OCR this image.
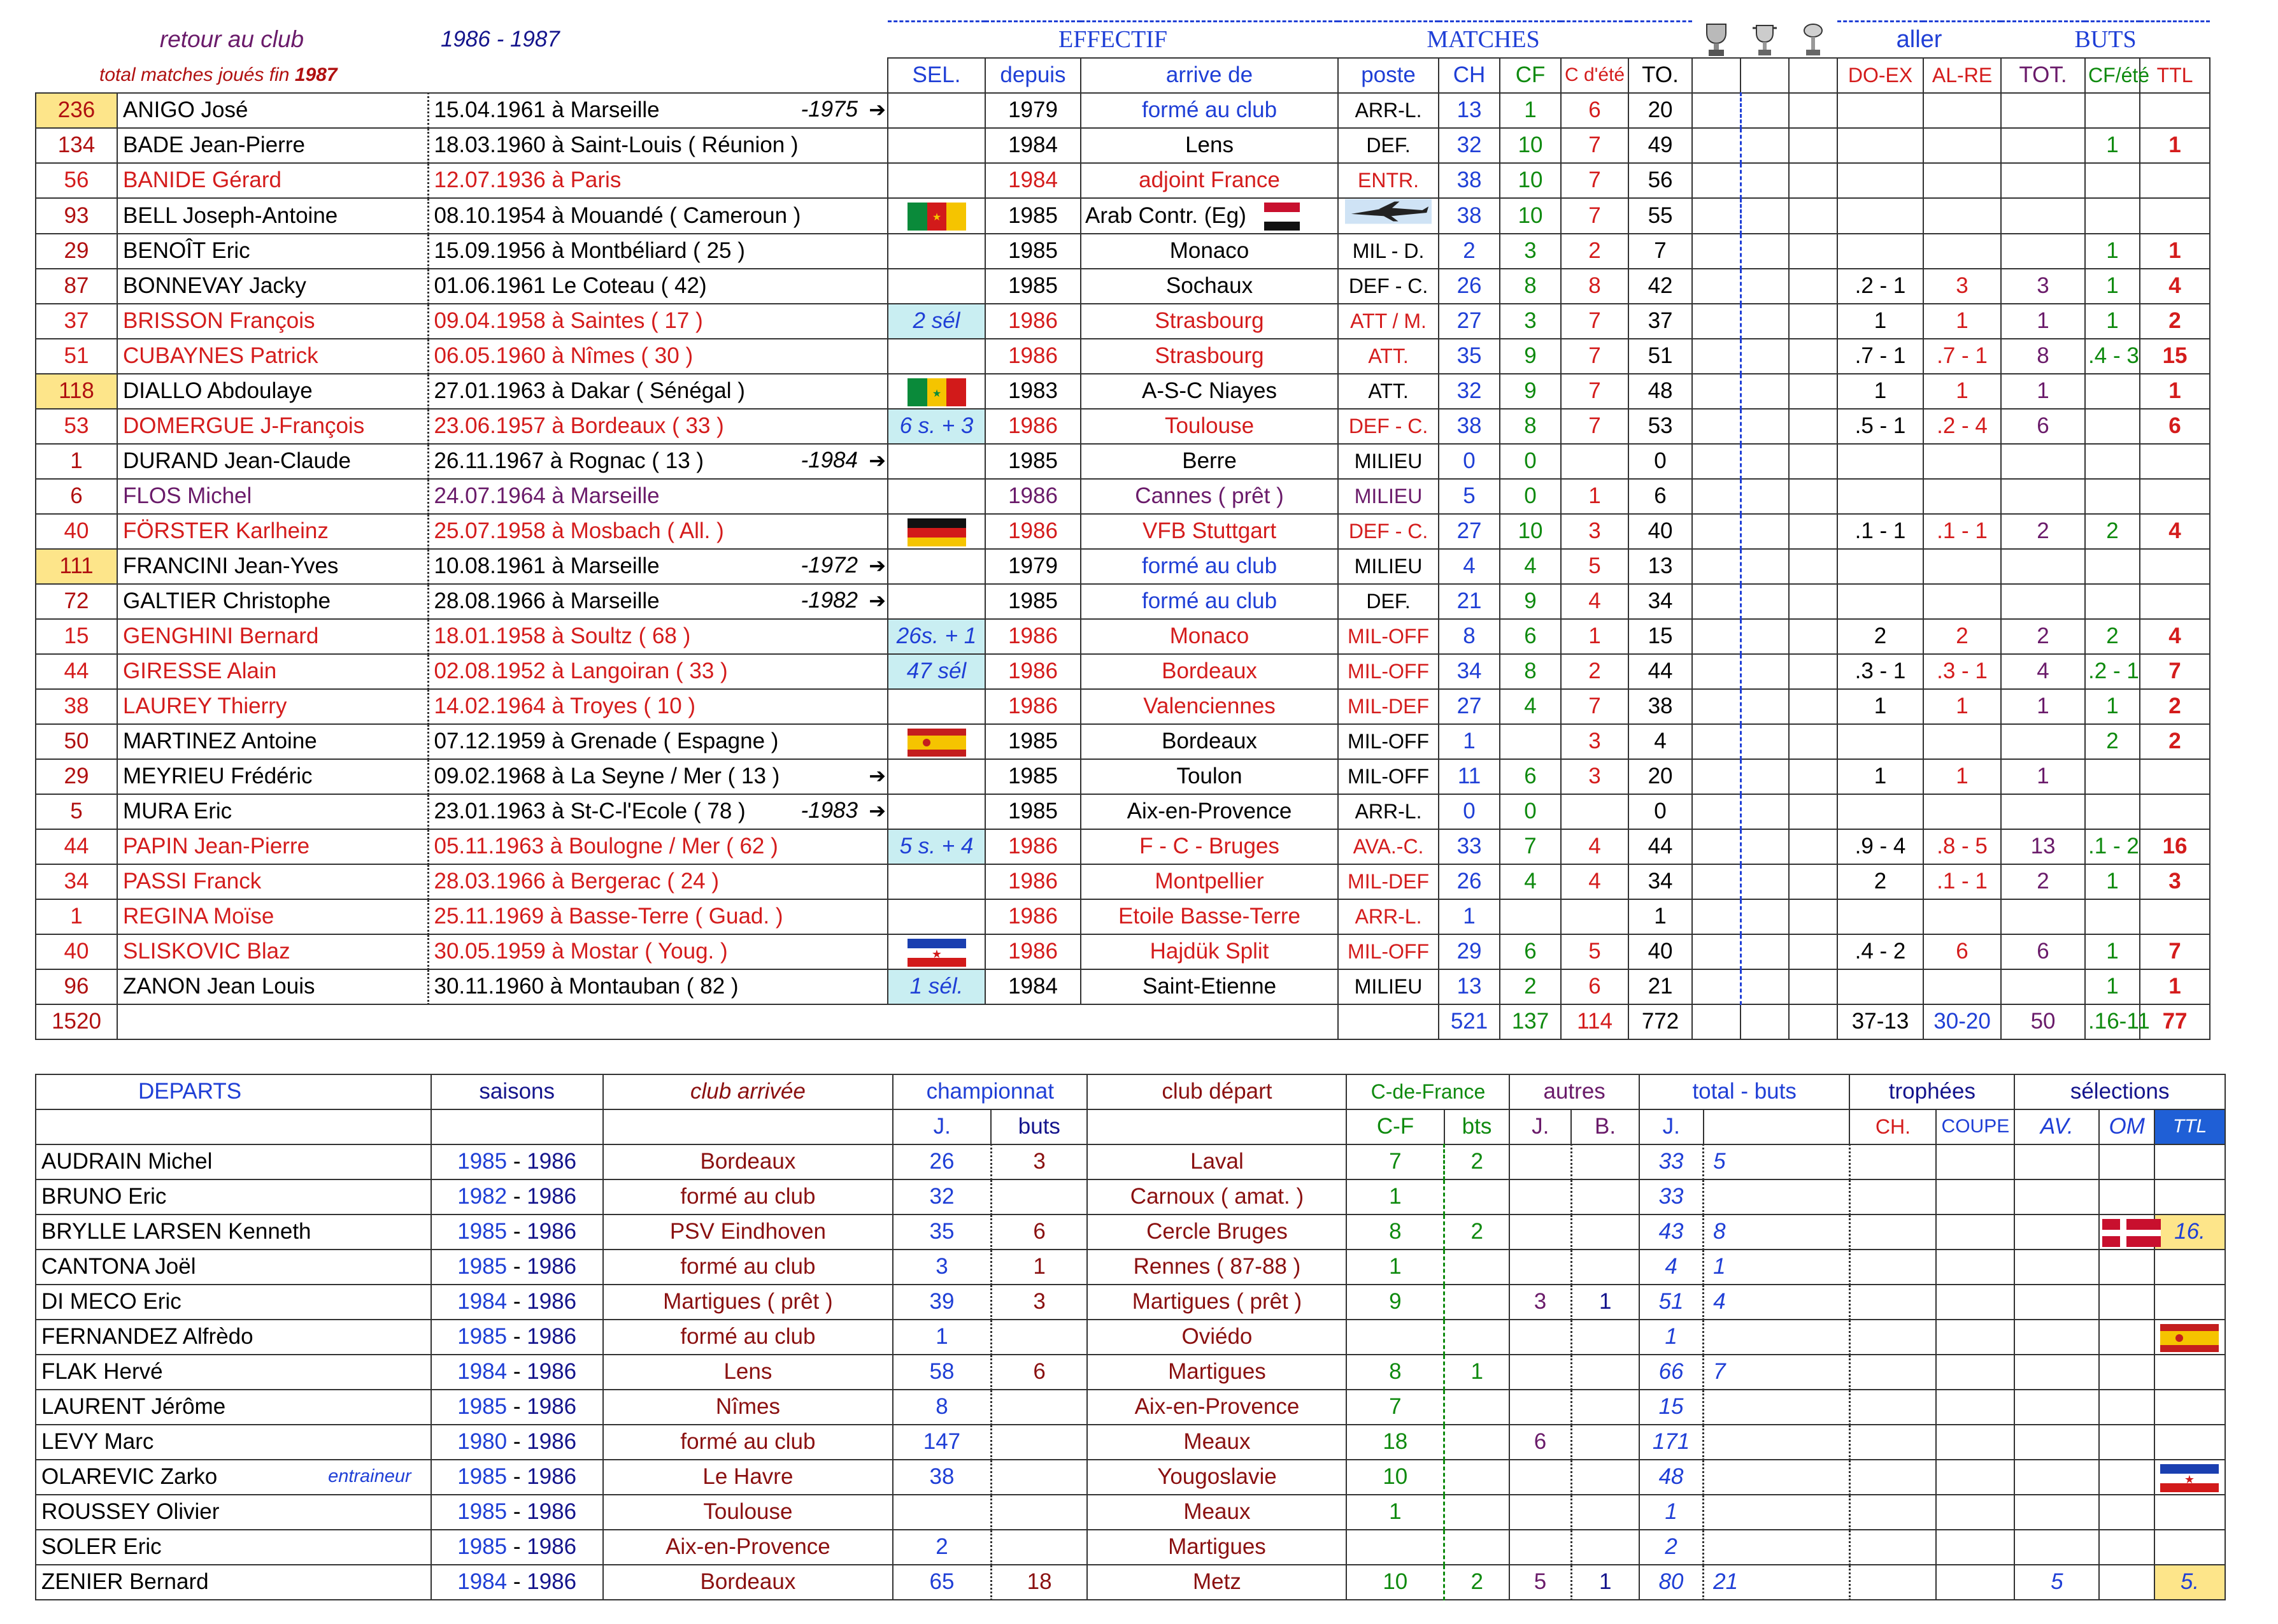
retour au club		1986 - 1987	EFFECTIF			MATCHES								aller		BUTS		
total matches joués fin 1987			SEL.	depuis	arrive de	poste	CH	CF	C d'été	TO.				DO-EX	AL-RE	TOT.	CF/été	TTL
236	ANIGO José	15.04.1961 à Marseille -1975 ➔		1979	formé au club	ARR-L.	13	1	6	20								
134	BADE Jean-Pierre	18.03.1960 à Saint-Louis ( Réunion )		1984	Lens	DEF.	32	10	7	49							1	1
56	BANIDE Gérard	12.07.1936 à Paris		1984	adjoint France	ENTR.	38	10	7	56								
93	BELL Joseph-Antoine	08.10.1954 à Mouandé ( Cameroun )	★	1985	Arab Contr. (Eg)		38	10	7	55								
29	BENOÎT Eric	15.09.1956 à Montbéliard ( 25 )		1985	Monaco	MIL - D.	2	3	2	7							1	1
87	BONNEVAY Jacky	01.06.1961 Le Coteau ( 42)		1985	Sochaux	DEF - C.	26	8	8	42				.2 - 1	3	3	1	4
37	BRISSON François	09.04.1958 à Saintes ( 17 )	2 sél	1986	Strasbourg	ATT / M.	27	3	7	37				1	1	1	1	2
51	CUBAYNES Patrick	06.05.1960 à Nîmes ( 30 )		1986	Strasbourg	ATT.	35	9	7	51				.7 - 1	.7 - 1	8	.4 - 3	15
118	DIALLO Abdoulaye	27.01.1963 à Dakar ( Sénégal )	★	1983	A-S-C Niayes	ATT.	32	9	7	48				1	1	1		1
53	DOMERGUE J-François	23.06.1957 à Bordeaux ( 33 )	6 s. + 3	1986	Toulouse	DEF - C.	38	8	7	53				.5 - 1	.2 - 4	6		6
1	DURAND Jean-Claude	26.11.1967 à Rognac ( 13 ) -1984 ➔		1985	Berre	MILIEU	0	0		0								
6	FLOS Michel	24.07.1964 à Marseille		1986	Cannes ( prêt )	MILIEU	5	0	1	6								
40	FÖRSTER Karlheinz	25.07.1958 à Mosbach ( All. )		1986	VFB Stuttgart	DEF - C.	27	10	3	40				.1 - 1	.1 - 1	2	2	4
111	FRANCINI Jean-Yves	10.08.1961 à Marseille -1972 ➔		1979	formé au club	MILIEU	4	4	5	13								
72	GALTIER Christophe	28.08.1966 à Marseille -1982 ➔		1985	formé au club	DEF.	21	9	4	34								
15	GENGHINI Bernard	18.01.1958 à Soultz ( 68 )	26s. + 1	1986	Monaco	MIL-OFF	8	6	1	15				2	2	2	2	4
44	GIRESSE Alain	02.08.1952 à Langoiran ( 33 )	47 sél	1986	Bordeaux	MIL-OFF	34	8	2	44				.3 - 1	.3 - 1	4	.2 - 1	7
38	LAUREY Thierry	14.02.1964 à Troyes ( 10 )		1986	Valenciennes	MIL-DEF	27	4	7	38				1	1	1	1	2
50	MARTINEZ Antoine	07.12.1959 à Grenade ( Espagne )		1985	Bordeaux	MIL-OFF	1		3	4							2	2
29	MEYRIEU Frédéric	09.02.1968 à La Seyne / Mer ( 13 ) ➔		1985	Toulon	MIL-OFF	11	6	3	20				1	1	1		
5	MURA Eric	23.01.1963 à St-C-l'Ecole ( 78 ) -1983 ➔		1985	Aix-en-Provence	ARR-L.	0	0		0								
44	PAPIN Jean-Pierre	05.11.1963 à Boulogne / Mer ( 62 )	5 s. + 4	1986	F - C - Bruges	AVA.-C.	33	7	4	44				.9 - 4	.8 - 5	13	.1 - 2	16
34	PASSI Franck	28.03.1966 à Bergerac ( 24 )		1986	Montpellier	MIL-DEF	26	4	4	34				2	.1 - 1	2	1	3
1	REGINA Moïse	25.11.1969 à Basse-Terre ( Guad. )		1986	Etoile Basse-Terre	ARR-L.	1			1								
40	SLISKOVIC Blaz	30.05.1959 à Mostar ( Youg. )	★	1986	Hajdük Split	MIL-OFF	29	6	5	40				.4 - 2	6	6	1	7
96	ZANON Jean Louis	30.11.1960 à Montauban ( 82 )	1 sél.	1984	Saint-Etienne	MILIEU	13	2	6	21							1	1
1520							521	137	114	772				37-13	30-20	50	.16-11	77
DEPARTS	saisons	club arrivée	championnat		club départ	C-de-France		autres		total - buts		trophées		sélections		
			J.	buts		C-F	bts	J.	B.	J.		CH.	COUPE	AV.	OM	TTL
AUDRAIN Michel	1985 - 1986	Bordeaux	26	3	Laval	7	2			33	5					
BRUNO Eric	1982 - 1986	formé au club	32		Carnoux ( amat. )	1				33						
BRYLLE LARSEN Kenneth	1985 - 1986	PSV Eindhoven	35	6	Cercle Bruges	8	2			43	8					16.
CANTONA Joël	1985 - 1986	formé au club	3	1	Rennes ( 87-88 )	1				4	1					
DI MECO Eric	1984 - 1986	Martigues ( prêt )	39	3	Martigues ( prêt )	9		3	1	51	4					
FERNANDEZ Alfrèdo	1985 - 1986	formé au club	1		Oviédo					1						
FLAK Hervé	1984 - 1986	Lens	58	6	Martigues	8	1			66	7					
LAURENT Jérôme	1985 - 1986	Nîmes	8		Aix-en-Provence	7				15						
LEVY Marc	1980 - 1986	formé au club	147		Meaux	18		6		171						
OLAREVIC Zarko entraineur	1985 - 1986	Le Havre	38		Yougoslavie	10				48						★

ROUSSEY Olivier	1985 - 1986	Toulouse			Meaux	1				1						
SOLER Eric	1985 - 1986	Aix-en-Provence	2		Martigues					2						
ZENIER Bernard	1984 - 1986	Bordeaux	65	18	Metz	10	2	5	1	80	21			5		5.
